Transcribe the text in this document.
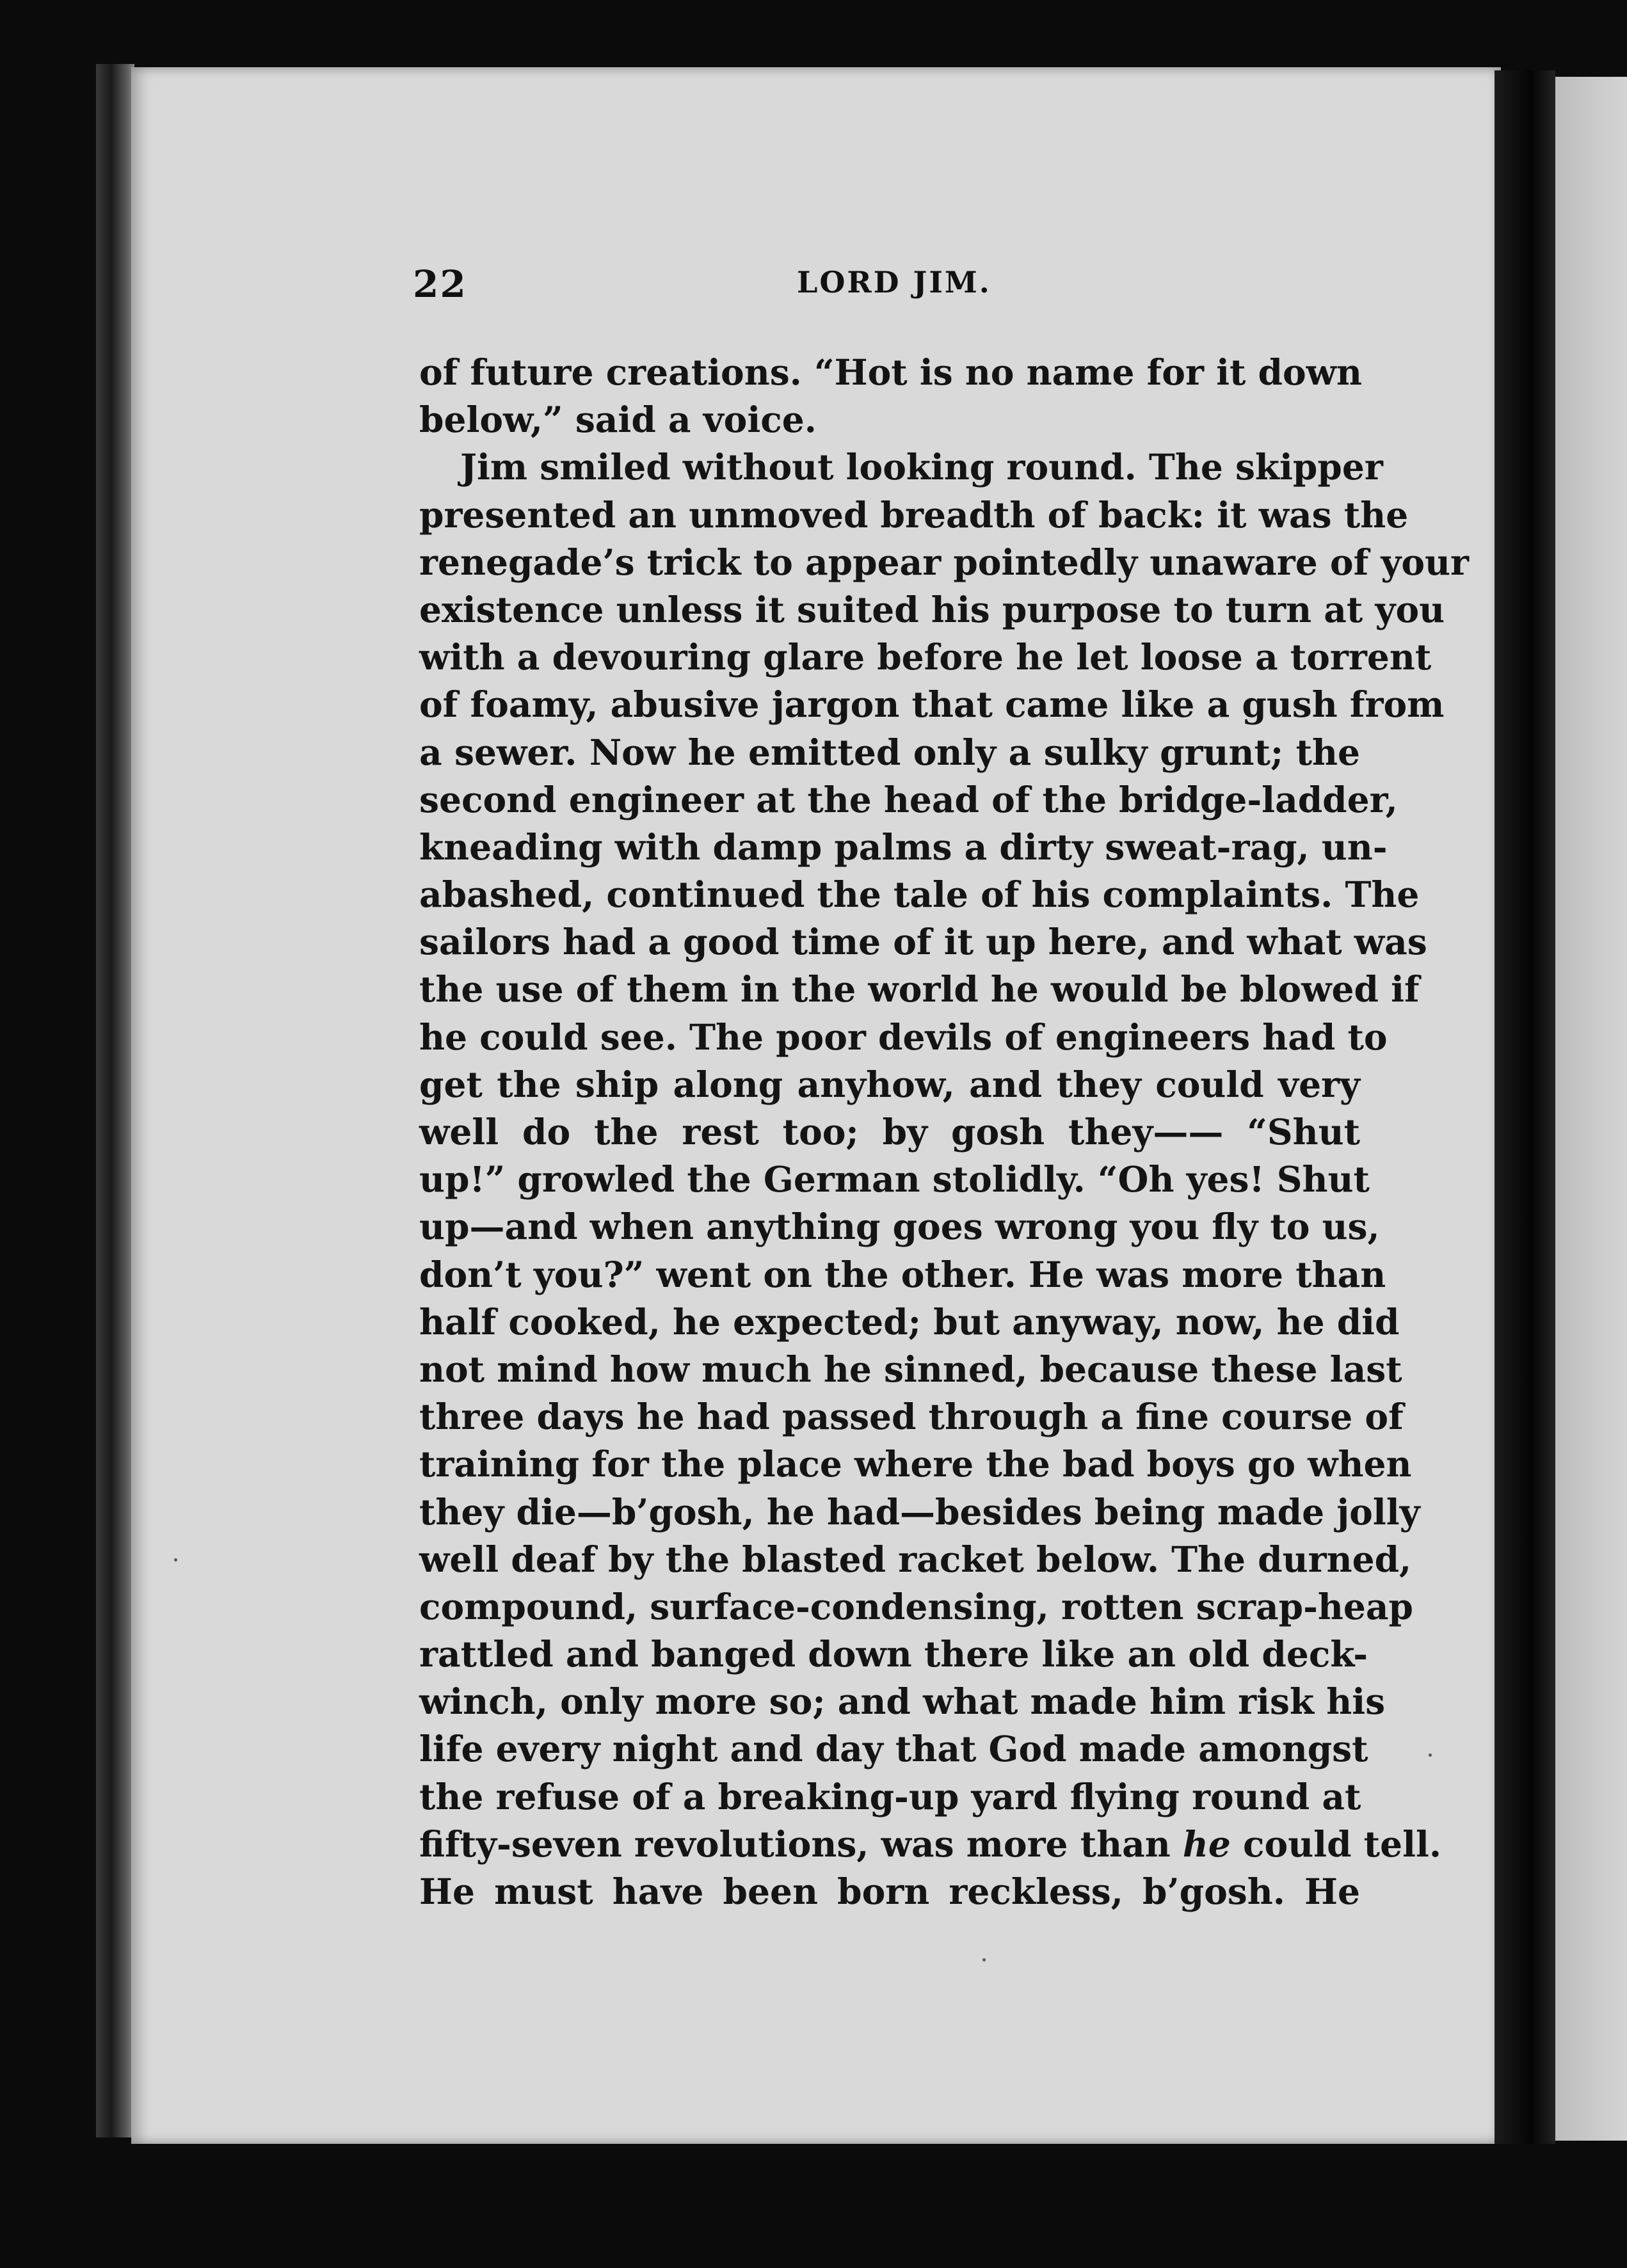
22	LORD JIM.
of future creations. “Hot is no name for it down
below,” said a voice.
Jim smiled without looking round. The skipper
presented an unmoved breadth of back: it was the
renegade’s trick to appear pointedly unaware of your
existence unless it suited his purpose to turn at you
with a devouring glare before he let loose a torrent
of foamy, abusive jargon that came like a gush from
a sewer. Now he emitted only a sulky grunt; the
second engineer at the head of the bridge-ladder,
kneading with damp palms a dirty sweat-rag, un-
abashed, continued the tale of his complaints. The
sailors had a good time of it up here, and what was
the use of them in the world he would be blowed if
he could see. The poor devils of engineers had to
get the ship along anyhow, and they could very
well do the rest too; by gosh they—— “Shut
up!” growled the German stolidly. “Oh yes! Shut
up—and when anything goes wrong you fly to us,
don’t you?” went on the other. He was more than
half cooked, he expected; but anyway, now, he did
not mind how much he sinned, because these last
three days he had passed through a fine course of
training for the place where the bad boys go when
they die—b’gosh, he had—besides being made jolly
well deaf by the blasted racket below. The durned,
compound, surface-condensing, rotten scrap-heap
rattled and banged down there like an old deck-
winch, only more so; and what made him risk his
life every night and day that God made amongst
the refuse of a breaking-up yard flying round at
fifty-seven revolutions, was more than he could tell.
He must have been born reckless, b’gosh. He
